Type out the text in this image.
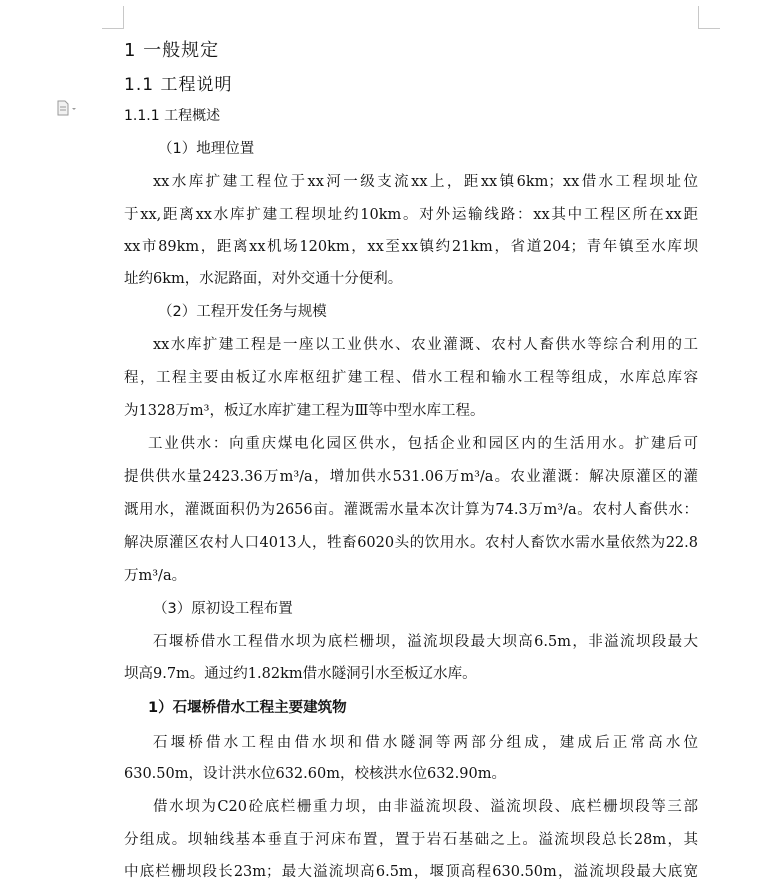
1 一般规定
1.1 工程说明
1.1.1 工程概述
（1）地理位置
xx水库扩建工程位于xx河一级支流xx上，距xx镇6km；xx借水工程坝址位
于xx,距离xx水库扩建工程坝址约10km。对外运输线路：xx其中工程区所在xx距
xx市89km，距离xx机场120km，xx至xx镇约21km，省道204；青年镇至水库坝
址约6km，水泥路面，对外交通十分便利。
（2）工程开发任务与规模
xx水库扩建工程是一座以工业供水、农业灌溉、农村人畜供水等综合利用的工
程，工程主要由板辽水库枢纽扩建工程、借水工程和输水工程等组成，水库总库容
为1328万m³，板辽水库扩建工程为Ⅲ等中型水库工程。
工业供水：向重庆煤电化园区供水，包括企业和园区内的生活用水。扩建后可
提供供水量2423.36万m³/a，增加供水531.06万m³/a。农业灌溉：解决原灌区的灌
溉用水，灌溉面积仍为2656亩。灌溉需水量本次计算为74.3万m³/a。农村人畜供水：
解决原灌区农村人口4013人，牲畜6020头的饮用水。农村人畜饮水需水量依然为22.8
万m³/a。
（3）原初设工程布置
石堰桥借水工程借水坝为底栏栅坝，溢流坝段最大坝高6.5m，非溢流坝段最大
坝高9.7m。通过约1.82km借水隧洞引水至板辽水库。
1）石堰桥借水工程主要建筑物
石堰桥借水工程由借水坝和借水隧洞等两部分组成，建成后正常高水位
630.50m，设计洪水位632.60m，校核洪水位632.90m。
借水坝为C20砼底栏栅重力坝，由非溢流坝段、溢流坝段、底栏栅坝段等三部
分组成。坝轴线基本垂直于河床布置，置于岩石基础之上。溢流坝段总长28m，其
中底栏栅坝段长23m；最大溢流坝高6.5m，堰顶高程630.50m，溢流坝段最大底宽
